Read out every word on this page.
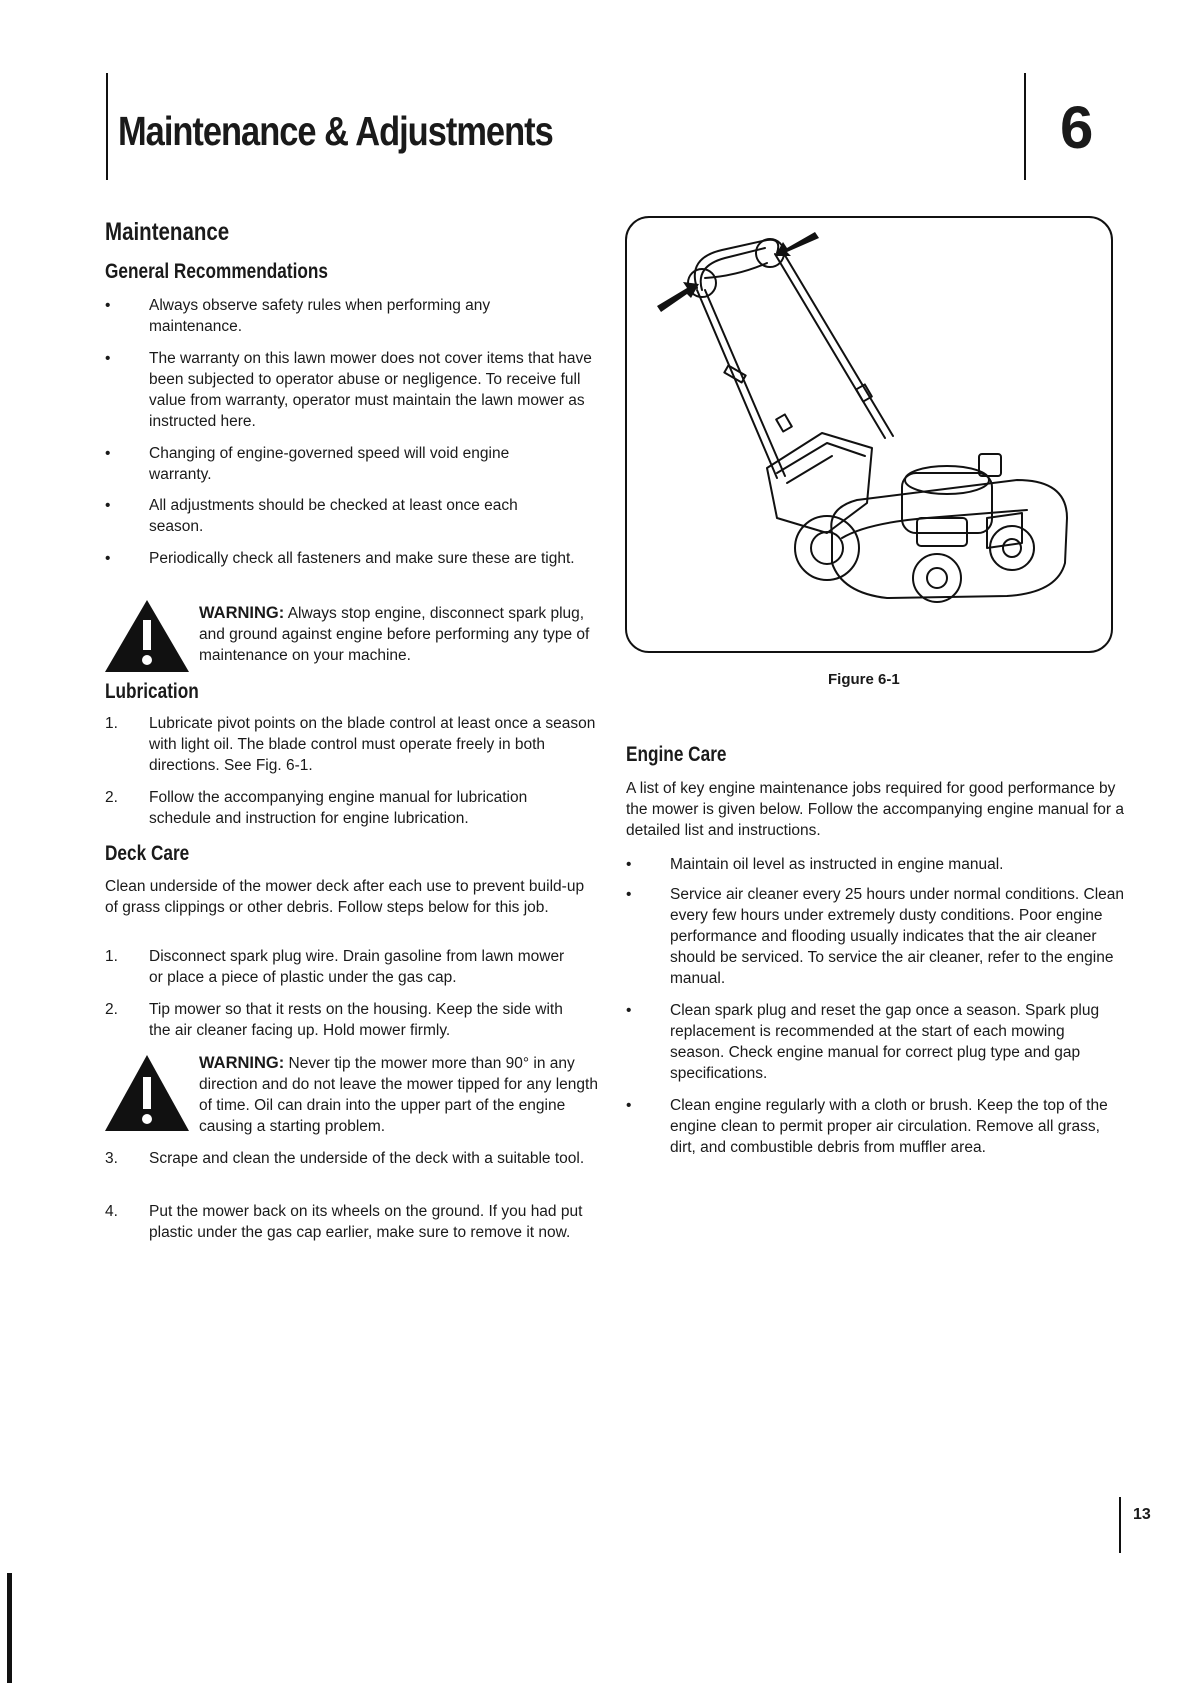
Maintenance & Adjustments	6
Maintenance
General Recommendations
•	Always observe safety rules when performing any maintenance.
•	The warranty on this lawn mower does not cover items that have been subjected to operator abuse or negligence. To receive full value from warranty, operator must maintain the lawn mower as instructed here.
•	Changing of engine-governed speed will void engine warranty.
•	All adjustments should be checked at least once each season.
•	Periodically check all fasteners and make sure these are tight.
WARNING: Always stop engine, disconnect spark plug, and ground against engine before performing any type of maintenance on your machine.
Lubrication
1.	Lubricate pivot points on the blade control at least once a season with light oil. The blade control must operate freely in both directions. See Fig. 6-1.
2.	Follow the accompanying engine manual for lubrication schedule and instruction for engine lubrication.
Deck Care

Clean underside of the mower deck after each use to prevent build-up of grass clippings or other debris. Follow steps below for this job.

1.	Disconnect spark plug wire. Drain gasoline from lawn mower or place a piece of plastic under the gas cap.
2.	Tip mower so that it rests on the housing. Keep the side with the air cleaner facing up. Hold mower firmly.
WARNING: Never tip the mower more than 90° in any direction and do not leave the mower tipped for any length of time. Oil can drain into the upper part of the engine causing a starting problem.
3.	Scrape and clean the underside of the deck with a suitable tool.
4.	Put the mower back on its wheels on the ground. If you had put plastic under the gas cap earlier, make sure to remove it now.
Figure 6-1
Engine Care

A list of key engine maintenance jobs required for good performance by the mower is given below. Follow the accompanying engine manual for a detailed list and instructions.

•	Maintain oil level as instructed in engine manual.
•	Service air cleaner every 25 hours under normal conditions. Clean every few hours under extremely dusty conditions. Poor engine performance and flooding usually indicates that the air cleaner should be serviced. To service the air cleaner, refer to the engine manual.
•	Clean spark plug and reset the gap once a season. Spark plug replacement is recommended at the start of each mowing season. Check engine manual for correct plug type and gap specifications.
•	Clean engine regularly with a cloth or brush. Keep the top of the engine clean to permit proper air circulation. Remove all grass, dirt, and combustible debris from muffler area.
13
